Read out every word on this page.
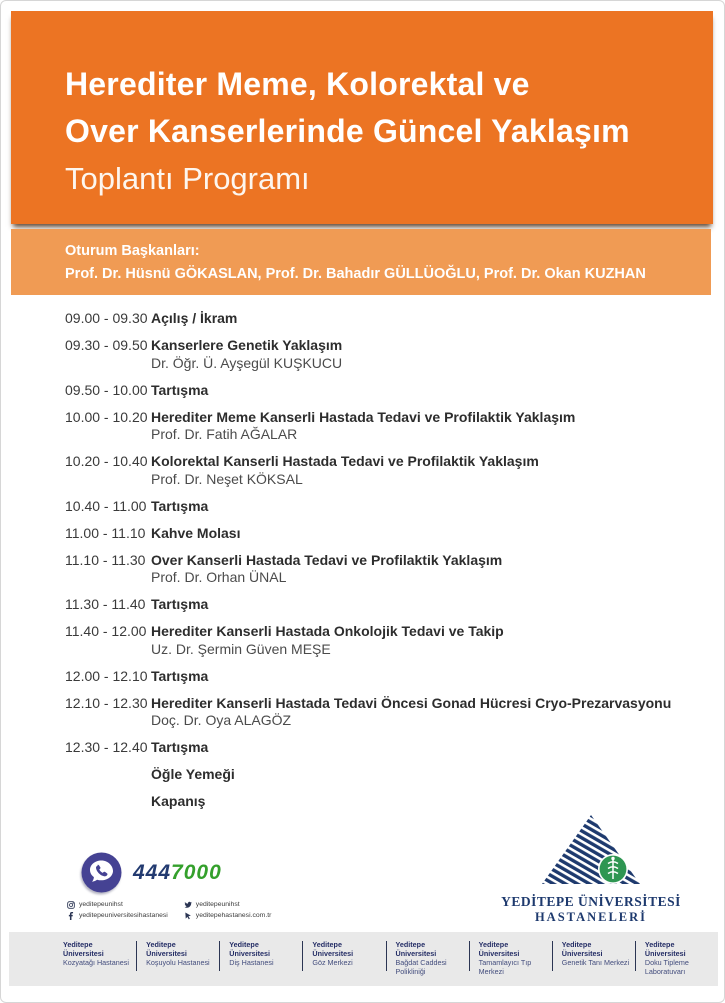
Herediter Meme, Kolorektal ve
Over Kanserlerinde Güncel Yaklaşım
Toplantı Programı
Oturum Başkanları:
Prof. Dr. Hüsnü GÖKASLAN, Prof. Dr. Bahadır GÜLLÜOĞLU, Prof. Dr. Okan KUZHAN
09.00 - 09.30 Açılış / İkram
09.30 - 09.50 Kanserlere Genetik Yaklaşım
Dr. Öğr. Ü. Ayşegül KUŞKUCU
09.50 - 10.00 Tartışma
10.00 - 10.20 Herediter Meme Kanserli Hastada Tedavi ve Profilaktik Yaklaşım
Prof. Dr. Fatih AĞALAR
10.20 - 10.40 Kolorektal Kanserli Hastada Tedavi ve Profilaktik Yaklaşım
Prof. Dr. Neşet KÖKSAL
10.40 - 11.00 Tartışma
11.00 - 11.10 Kahve Molası
11.10 - 11.30 Over Kanserli Hastada Tedavi ve Profilaktik Yaklaşım
Prof. Dr. Orhan ÜNAL
11.30 - 11.40 Tartışma
11.40 - 12.00 Herediter Kanserli Hastada Onkolojik Tedavi ve Takip
Uz. Dr. Şermin Güven MEŞE
12.00 - 12.10 Tartışma
12.10 - 12.30 Herediter Kanserli Hastada Tedavi Öncesi Gonad Hücresi Cryo-Prezarvasyonu
Doç. Dr. Oya ALAGÖZ
12.30 - 12.40 Tartışma
Öğle Yemeği
Kapanış
4447000
yeditepeunihst
yeditepeuniversitesihastanesi
yeditepeunihst
yeditepehastanesi.com.tr
YEDİTEPE ÜNİVERSİTESİ
HASTANELERİ
Yeditepe Üniversitesi
Kozyatağı Hastanesi
Yeditepe Üniversitesi
Koşuyolu Hastanesi
Yeditepe Üniversitesi
Diş Hastanesi
Yeditepe Üniversitesi
Göz Merkezi
Yeditepe Üniversitesi
Bağdat Caddesi Polikliniği
Yeditepe Üniversitesi
Tamamlayıcı Tıp Merkezi
Yeditepe Üniversitesi
Genetik Tanı Merkezi
Yeditepe Üniversitesi
Doku Tipleme Laboratuvarı
